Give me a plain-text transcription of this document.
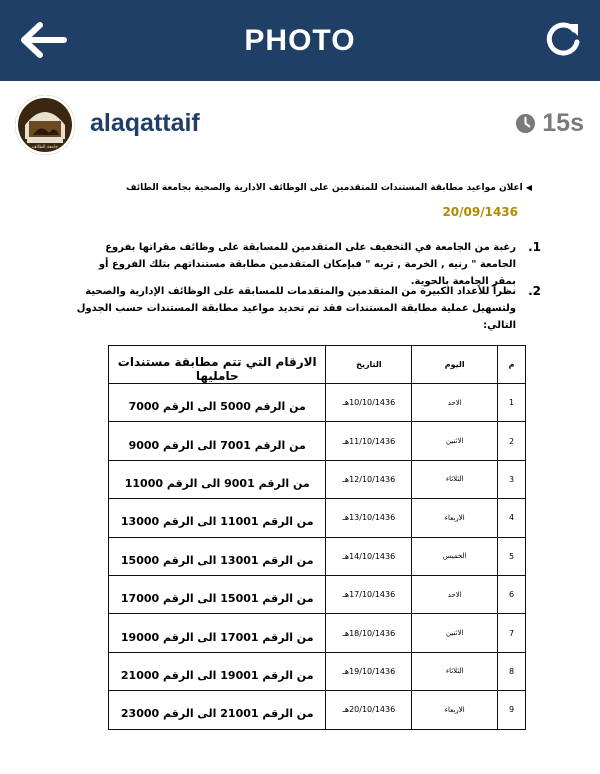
PHOTO
جامعة الطائف
alaqattaif	15s
◀ اعلان مواعيد مطابقة المستندات للمتقدمين على الوظائف الادارية والصحية بجامعة الطائف
20/09/1436
1.
رغبة من الجامعة في التخفيف على المتقدمين للمسابقة على وظائف مقراتها بفروع الجامعة " رنيه , الخرمة , تربه " فبإمكان المتقدمين مطابقة مستنداتهم بتلك الفروع أو بمقر الجامعة بالحوية.
2.
نظراً للأعداد الكبيرة من المتقدمين والمتقدمات للمسابقة على الوظائف الإدارية والصحية ولتسهيل عملية مطابقة المستندات فقد تم تحديد مواعيد مطابقة المستندات حسب الجدول التالي:
م	اليوم	التاريخ	الارقام التي تتم مطابقة مستندات حامليها
1	الاحد	10/10/1436هـ	من الرقم 5000 الى الرقم 7000
2	الاثنين	11/10/1436هـ	من الرقم 7001 الى الرقم 9000
3	الثلاثاء	12/10/1436هـ	من الرقم 9001 الى الرقم 11000
4	الاربعاء	13/10/1436هـ	من الرقم 11001 الى الرقم 13000
5	الخميس	14/10/1436هـ	من الرقم 13001 الى الرقم 15000
6	الاحد	17/10/1436هـ	من الرقم 15001 الى الرقم 17000
7	الاثنين	18/10/1436هـ	من الرقم 17001 الى الرقم 19000
8	الثلاثاء	19/10/1436هـ	من الرقم 19001 الى الرقم 21000
9	الاربعاء	20/10/1436هـ	من الرقم 21001 الى الرقم 23000
